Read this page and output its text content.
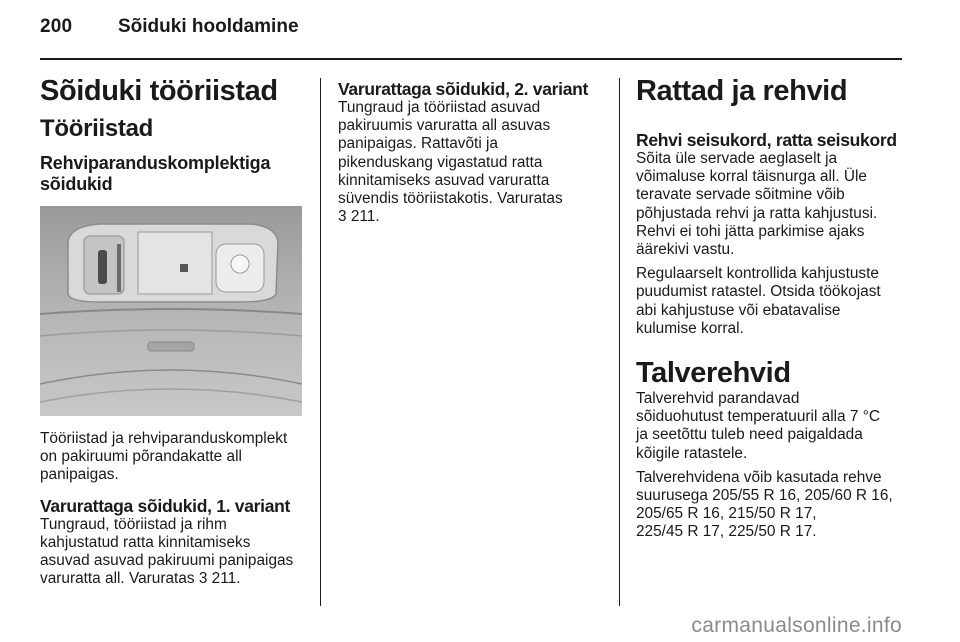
200 Sõiduki hooldamine
Sõiduki tööriistad
Tööriistad
Rehviparanduskomplektiga
sõidukid
Tööriistad ja rehviparanduskomplekt
on pakiruumi põrandakatte all
panipaigas.
Varurattaga sõidukid, 1. variant
Tungraud, tööriistad ja rihm
kahjustatud ratta kinnitamiseks
asuvad asuvad pakiruumi panipaigas
varuratta all. Varuratas 3 211.
Varurattaga sõidukid, 2. variant
Tungraud ja tööriistad asuvad
pakiruumis varuratta all asuvas
panipaigas. Rattavõti ja
pikenduskang vigastatud ratta
kinnitamiseks asuvad varuratta
süvendis tööriistakotis. Varuratas
3 211.
Rattad ja rehvid
Rehvi seisukord, ratta seisukord
Sõita üle servade aeglaselt ja
võimaluse korral täisnurga all. Üle
teravate servade sõitmine võib
põhjustada rehvi ja ratta kahjustusi.
Rehvi ei tohi jätta parkimise ajaks
äärekivi vastu.
Regulaarselt kontrollida kahjustuste
puudumist ratastel. Otsida töökojast
abi kahjustuse või ebatavalise
kulumise korral.
Talverehvid
Talverehvid parandavad
sõiduohutust temperatuuril alla 7 °C
ja seetõttu tuleb need paigaldada
kõigile ratastele.
Talverehvidena võib kasutada rehve
suurusega 205/55 R 16, 205/60 R 16,
205/65 R 16, 215/50 R 17,
225/45 R 17, 225/50 R 17.
carmanualsonline.info
